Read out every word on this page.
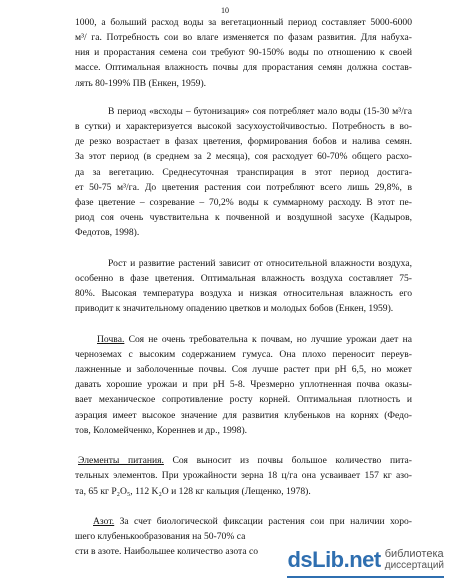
10
1000, а больший расход воды за вегетационный период составляет 5000-6000
м³/ га. Потребность сои во влаге изменяется по фазам развития. Для набуха-
ния и прорастания семена сои требуют 90-150% воды по отношению к своей
массе. Оптимальная влажность почвы для прорастания семян должна состав-
лять 80-199% ПВ (Енкен, 1959).
В период «всходы – бутонизация» соя потребляет мало воды (15-30 м³/га
в сутки) и характеризуется высокой засухоустойчивостью. Потребность в во-
де резко возрастает в фазах цветения, формирования бобов и налива семян.
За этот период (в среднем за 2 месяца), соя расходует 60-70% общего расхо-
да за вегетацию. Среднесуточная транспирация в этот период достига-
ет 50-75 м³/га. До цветения растения сои потребляют всего лишь 29,8%, в
фазе цветение – созревание – 70,2% воды к суммарному расходу. В этот пе-
риод соя очень чувствительна к почвенной и воздушной засухе (Кадыров,
Федотов, 1998).
Рост и развитие растений зависит от относительной влажности воздуха,
особенно в фазе цветения. Оптимальная влажность воздуха составляет 75-
80%. Высокая температура воздуха и низкая относительная влажность его
приводит к значительному опадению цветков и молодых бобов (Енкен, 1959).
Почва. Соя не очень требовательна к почвам, но лучшие урожаи дает на
черноземах с высоким содержанием гумуса. Она плохо переносит переув-
лажненные и заболоченные почвы. Соя лучше растет при рН 6,5, но может
давать хорошие урожаи и при рН 5-8. Чрезмерно уплотненная почва оказы-
вает механическое сопротивление росту корней. Оптимальная плотность и
аэрация имеет высокое значение для развития клубеньков на корнях (Федо-
тов, Коломейченко, Кореннев и др., 1998).
Элементы питания. Соя выносит из почвы большое количество пита-
тельных элементов. При урожайности зерна 18 ц/га она усваивает 157 кг азо-
та, 65 кг P₂O₅, 112 K₂O и 128 кг кальция (Лещенко, 1978).
Азот. За счет биологической фиксации растения сои при наличии хоро-
шего клубенькообразования на 50-70% са
сти в азоте. Наибольшее количество азота со	dsLib.net библиотека
диссертаций
